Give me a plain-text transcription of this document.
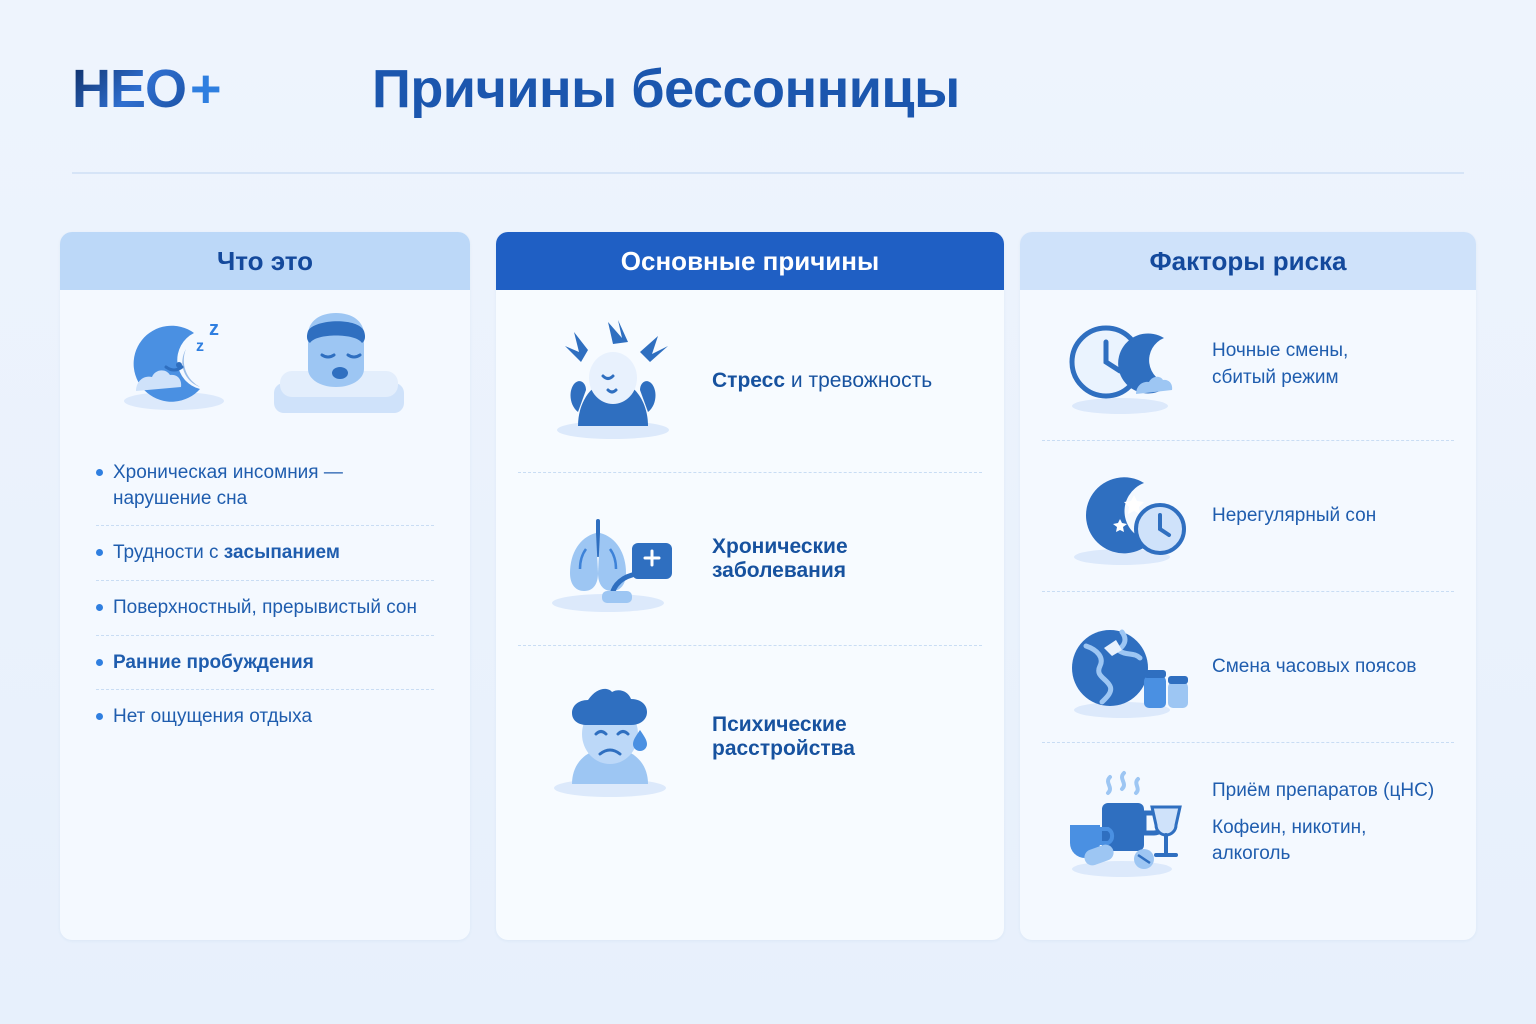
HEO +	Причины бессонницы
Что это
z
z
Хроническая инсомния — нарушение сна
Трудности с засыпанием
Поверхностный, прерывистый сон
Ранние пробуждения
Нет ощущения отдыха
Основные причины
Стресс и тревожность
Хронические заболевания
Психические расстройства
Факторы риска
Ночные смены,
сбитый режим
Нерегулярный сон
Смена часовых поясов
Приём препаратов (цНС)
Кофеин, никотин, алкоголь
